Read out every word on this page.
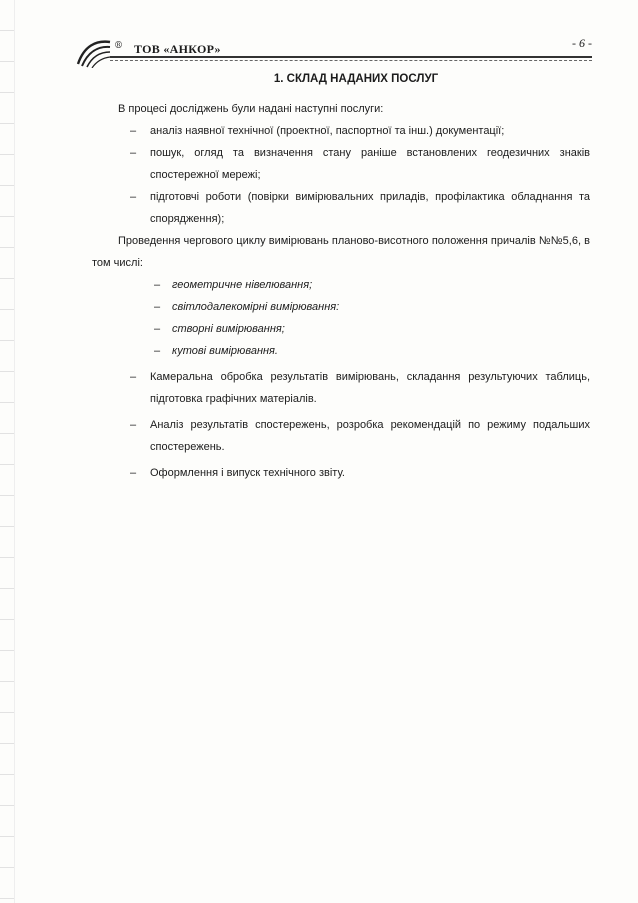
® ТОВ «АНКОР»	- 6 -
1. СКЛАД НАДАНИХ ПОСЛУГ

В процесі досліджень були надані наступні послуги:

– аналіз наявної технічної (проектної, паспортної та інш.) документації;
– пошук, огляд та визначення стану раніше встановлених геодезичних знаків спостережної мережі;
– підготовчі роботи (повірки вимірювальних приладів, профілактика обладнання та спорядження);

Проведення чергового циклу вимірювань планово-висотного положення причалів №№5,6, в том числі:

– геометричне нівелювання;
– світлодалекомірні вимірювання:
– створні вимірювання;
– кутові вимірювання.
– Камеральна обробка результатів вимірювань, складання результуючих таблиць, підготовка графічних матеріалів.
– Аналіз результатів спостережень, розробка рекомендацій по режиму подальших спостережень.
– Оформлення і випуск технічного звіту.
